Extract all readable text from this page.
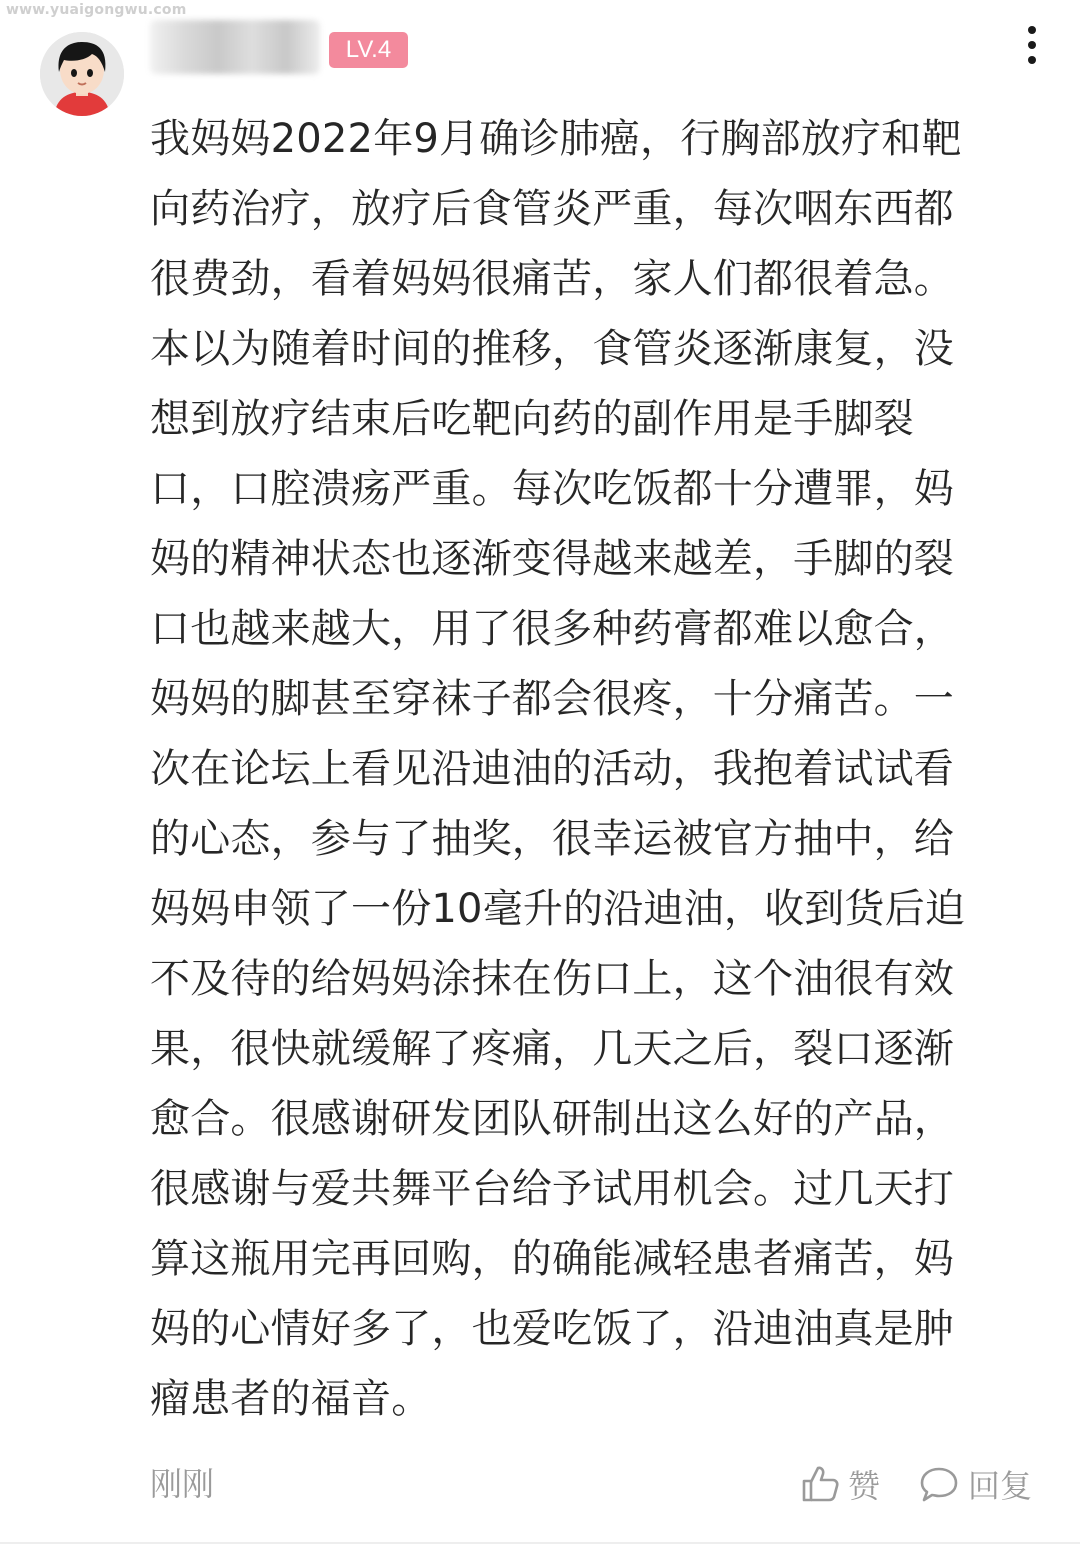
www.yuaigongwu.com
LV.4

我妈妈2022年9月确诊肺癌，行胸部放疗和靶
向药治疗，放疗后食管炎严重，每次咽东西都
很费劲，看着妈妈很痛苦，家人们都很着急。
本以为随着时间的推移，食管炎逐渐康复，没
想到放疗结束后吃靶向药的副作用是手脚裂
口，口腔溃疡严重。每次吃饭都十分遭罪，妈
妈的精神状态也逐渐变得越来越差，手脚的裂
口也越来越大，用了很多种药膏都难以愈合，
妈妈的脚甚至穿袜子都会很疼，十分痛苦。一
次在论坛上看见沿迪油的活动，我抱着试试看
的心态，参与了抽奖，很幸运被官方抽中，给
妈妈申领了一份10毫升的沿迪油，收到货后迫
不及待的给妈妈涂抹在伤口上，这个油很有效
果，很快就缓解了疼痛，几天之后，裂口逐渐
愈合。很感谢研发团队研制出这么好的产品，
很感谢与爱共舞平台给予试用机会。过几天打
算这瓶用完再回购，的确能减轻患者痛苦，妈
妈的心情好多了，也爱吃饭了，沿迪油真是肿
瘤患者的福音。

刚刚	赞	回复
